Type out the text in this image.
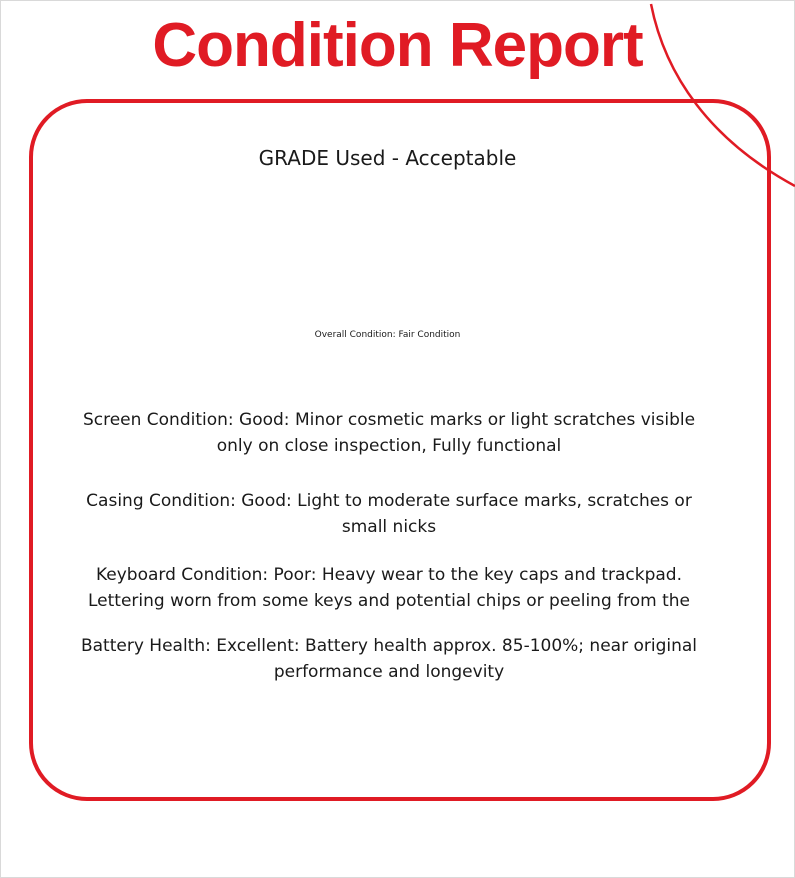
Condition Report
GRADE Used - Acceptable
Overall Condition: Fair Condition
Screen Condition: Good: Minor cosmetic marks or light scratches visible only on close inspection, Fully functional
Casing Condition: Good: Light to moderate surface marks, scratches or small nicks
Keyboard Condition: Poor: Heavy wear to the key caps and trackpad. Lettering worn from some keys and potential chips or peeling from the
Battery Health: Excellent: Battery health approx. 85-100%; near original performance and longevity
